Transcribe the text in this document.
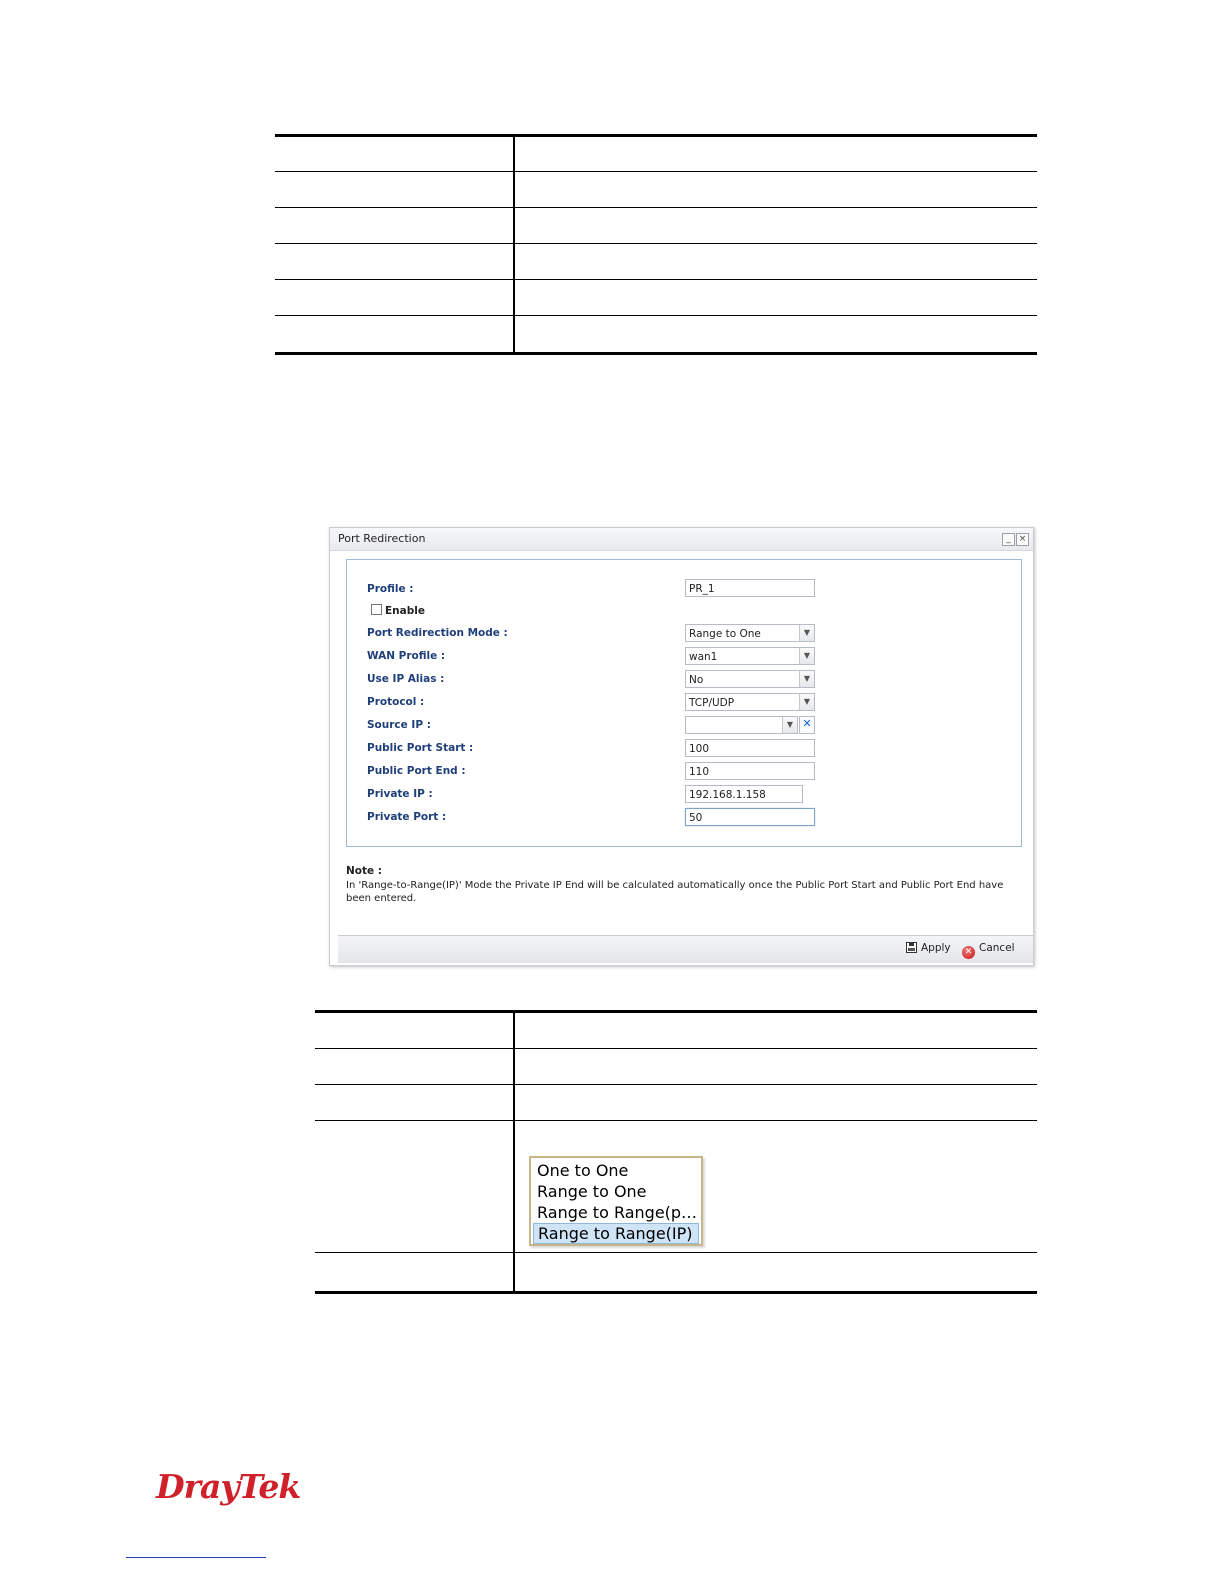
Port Redirection	_ ×
Profile :	PR_1
Enable
Port Redirection Mode :	Range to One	▼
WAN Profile :	wan1	▼
Use IP Alias :	No	▼
Protocol :	TCP/UDP	▼
Source IP :	▼ ✕
Public Port Start :	100
Public Port End :	110
Private IP :	192.168.1.158
Private Port :	50
Note :
In 'Range-to-Range(IP)' Mode the Private IP End will be calculated automatically once the Public Port Start and Public Port End have been entered.
Apply	✕ Cancel
One to One
Range to One
Range to Range(p…
Range to Range(IP)
DrayTek
